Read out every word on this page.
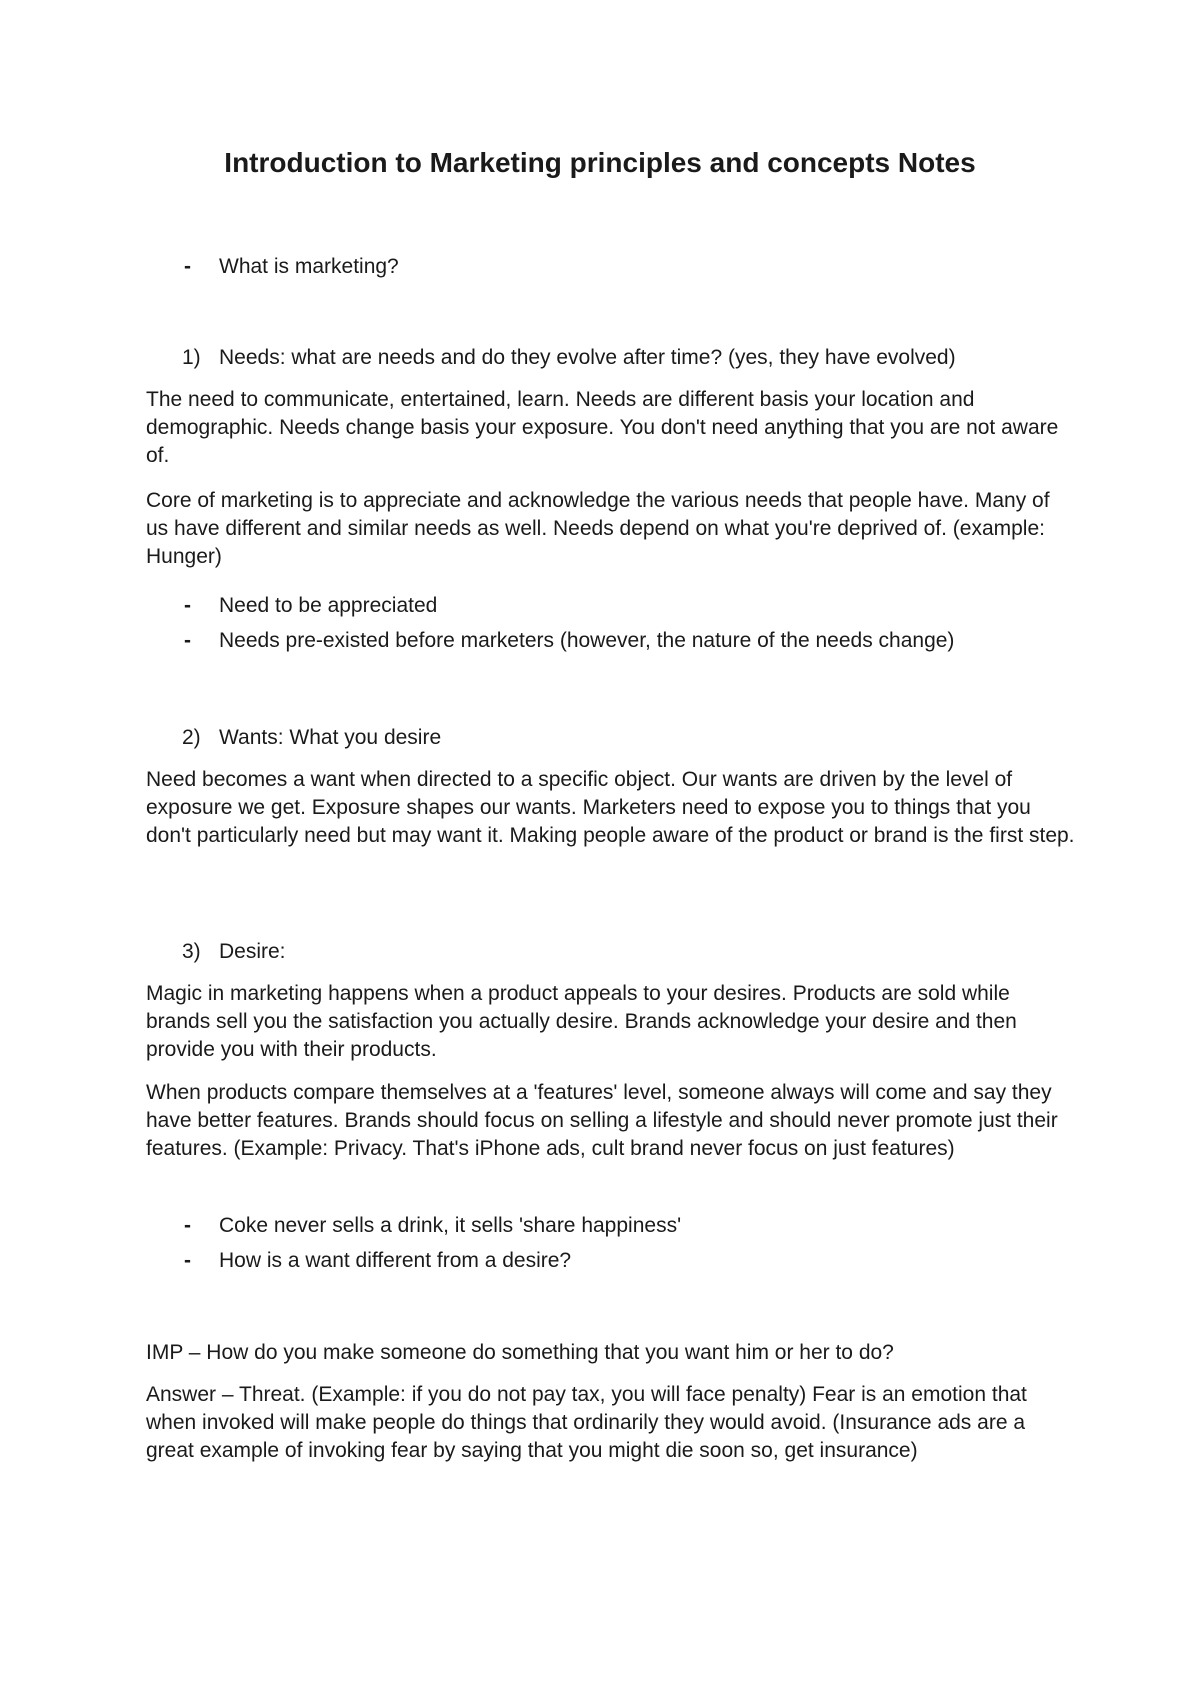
Introduction to Marketing principles and concepts Notes
-	What is marketing?
1) Needs: what are needs and do they evolve after time? (yes, they have evolved)

The need to communicate, entertained, learn. Needs are different basis your location and demographic. Needs change basis your exposure. You don't need anything that you are not aware of.

Core of marketing is to appreciate and acknowledge the various needs that people have. Many of us have different and similar needs as well. Needs depend on what you're deprived of. (example: Hunger)

-	Need to be appreciated
-	Needs pre-existed before marketers (however, the nature of the needs change)
2) Wants: What you desire

Need becomes a want when directed to a specific object. Our wants are driven by the level of exposure we get. Exposure shapes our wants. Marketers need to expose you to things that you don't particularly need but may want it. Making people aware of the product or brand is the first step.

3) Desire:

Magic in marketing happens when a product appeals to your desires. Products are sold while brands sell you the satisfaction you actually desire. Brands acknowledge your desire and then provide you with their products.

When products compare themselves at a 'features' level, someone always will come and say they have better features. Brands should focus on selling a lifestyle and should never promote just their features. (Example: Privacy. That's iPhone ads, cult brand never focus on just features)

-	Coke never sells a drink, it sells 'share happiness'
-	How is a want different from a desire?

IMP – How do you make someone do something that you want him or her to do?

Answer – Threat. (Example: if you do not pay tax, you will face penalty) Fear is an emotion that when invoked will make people do things that ordinarily they would avoid. (Insurance ads are a great example of invoking fear by saying that you might die soon so, get insurance)
